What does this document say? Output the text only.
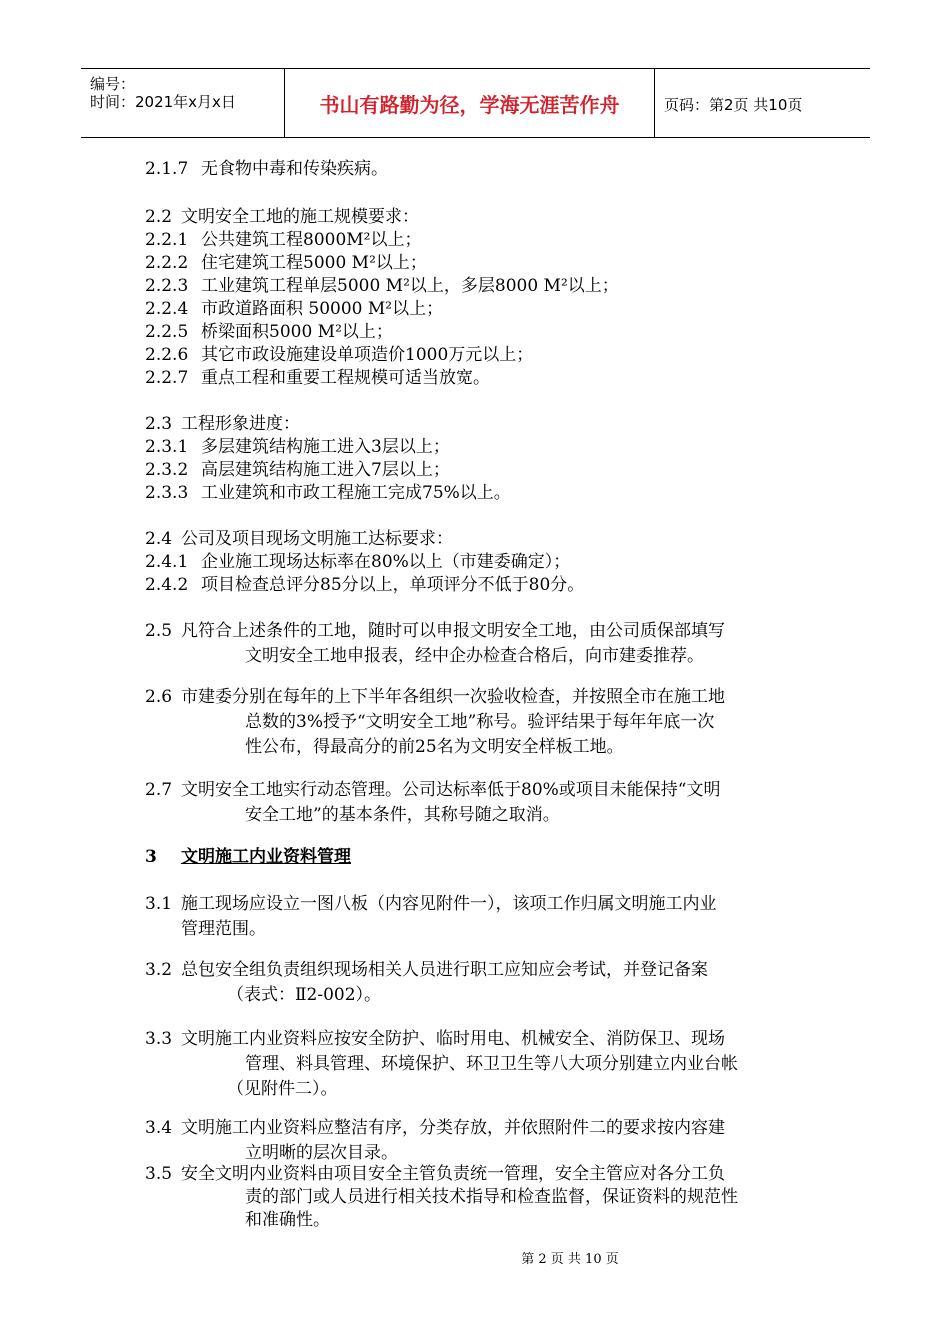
编号：
时间：2021年x月x日	书山有路勤为径，学海无涯苦作舟	页码：第2页 共10页
2.1.7 无食物中毒和传染疾病。
2.2 文明安全工地的施工规模要求：
2.2.1 公共建筑工程8000M²以上；
2.2.2 住宅建筑工程5000 M²以上；
2.2.3 工业建筑工程单层5000 M²以上，多层8000 M²以上；
2.2.4 市政道路面积 50000 M²以上；
2.2.5 桥梁面积5000 M²以上；
2.2.6 其它市政设施建设单项造价1000万元以上；
2.2.7 重点工程和重要工程规模可适当放宽。
2.3 工程形象进度：
2.3.1 多层建筑结构施工进入3层以上；
2.3.2 高层建筑结构施工进入7层以上；
2.3.3 工业建筑和市政工程施工完成75%以上。
2.4 公司及项目现场文明施工达标要求：
2.4.1 企业施工现场达标率在80%以上（市建委确定）；
2.4.2 项目检查总评分85分以上，单项评分不低于80分。
2.5 凡符合上述条件的工地，随时可以申报文明安全工地，由公司质保部填写
文明安全工地申报表，经中企办检查合格后，向市建委推荐。
2.6 市建委分别在每年的上下半年各组织一次验收检查，并按照全市在施工地
总数的3%授予“文明安全工地”称号。验评结果于每年年底一次
性公布，得最高分的前25名为文明安全样板工地。
2.7 文明安全工地实行动态管理。公司达标率低于80%或项目未能保持“文明
安全工地”的基本条件，其称号随之取消。
3 文明施工内业资料管理
3.1 施工现场应设立一图八板（内容见附件一），该项工作归属文明施工内业
管理范围。
3.2 总包安全组负责组织现场相关人员进行职工应知应会考试，并登记备案
（表式：Ⅱ2-002）。
3.3 文明施工内业资料应按安全防护、临时用电、机械安全、消防保卫、现场
管理、料具管理、环境保护、环卫卫生等八大项分别建立内业台帐
（见附件二）。
3.4 文明施工内业资料应整洁有序，分类存放，并依照附件二的要求按内容建
立明晰的层次目录。
3.5 安全文明内业资料由项目安全主管负责统一管理，安全主管应对各分工负
责的部门或人员进行相关技术指导和检查监督，保证资料的规范性
和准确性。
第 2 页 共 10 页
